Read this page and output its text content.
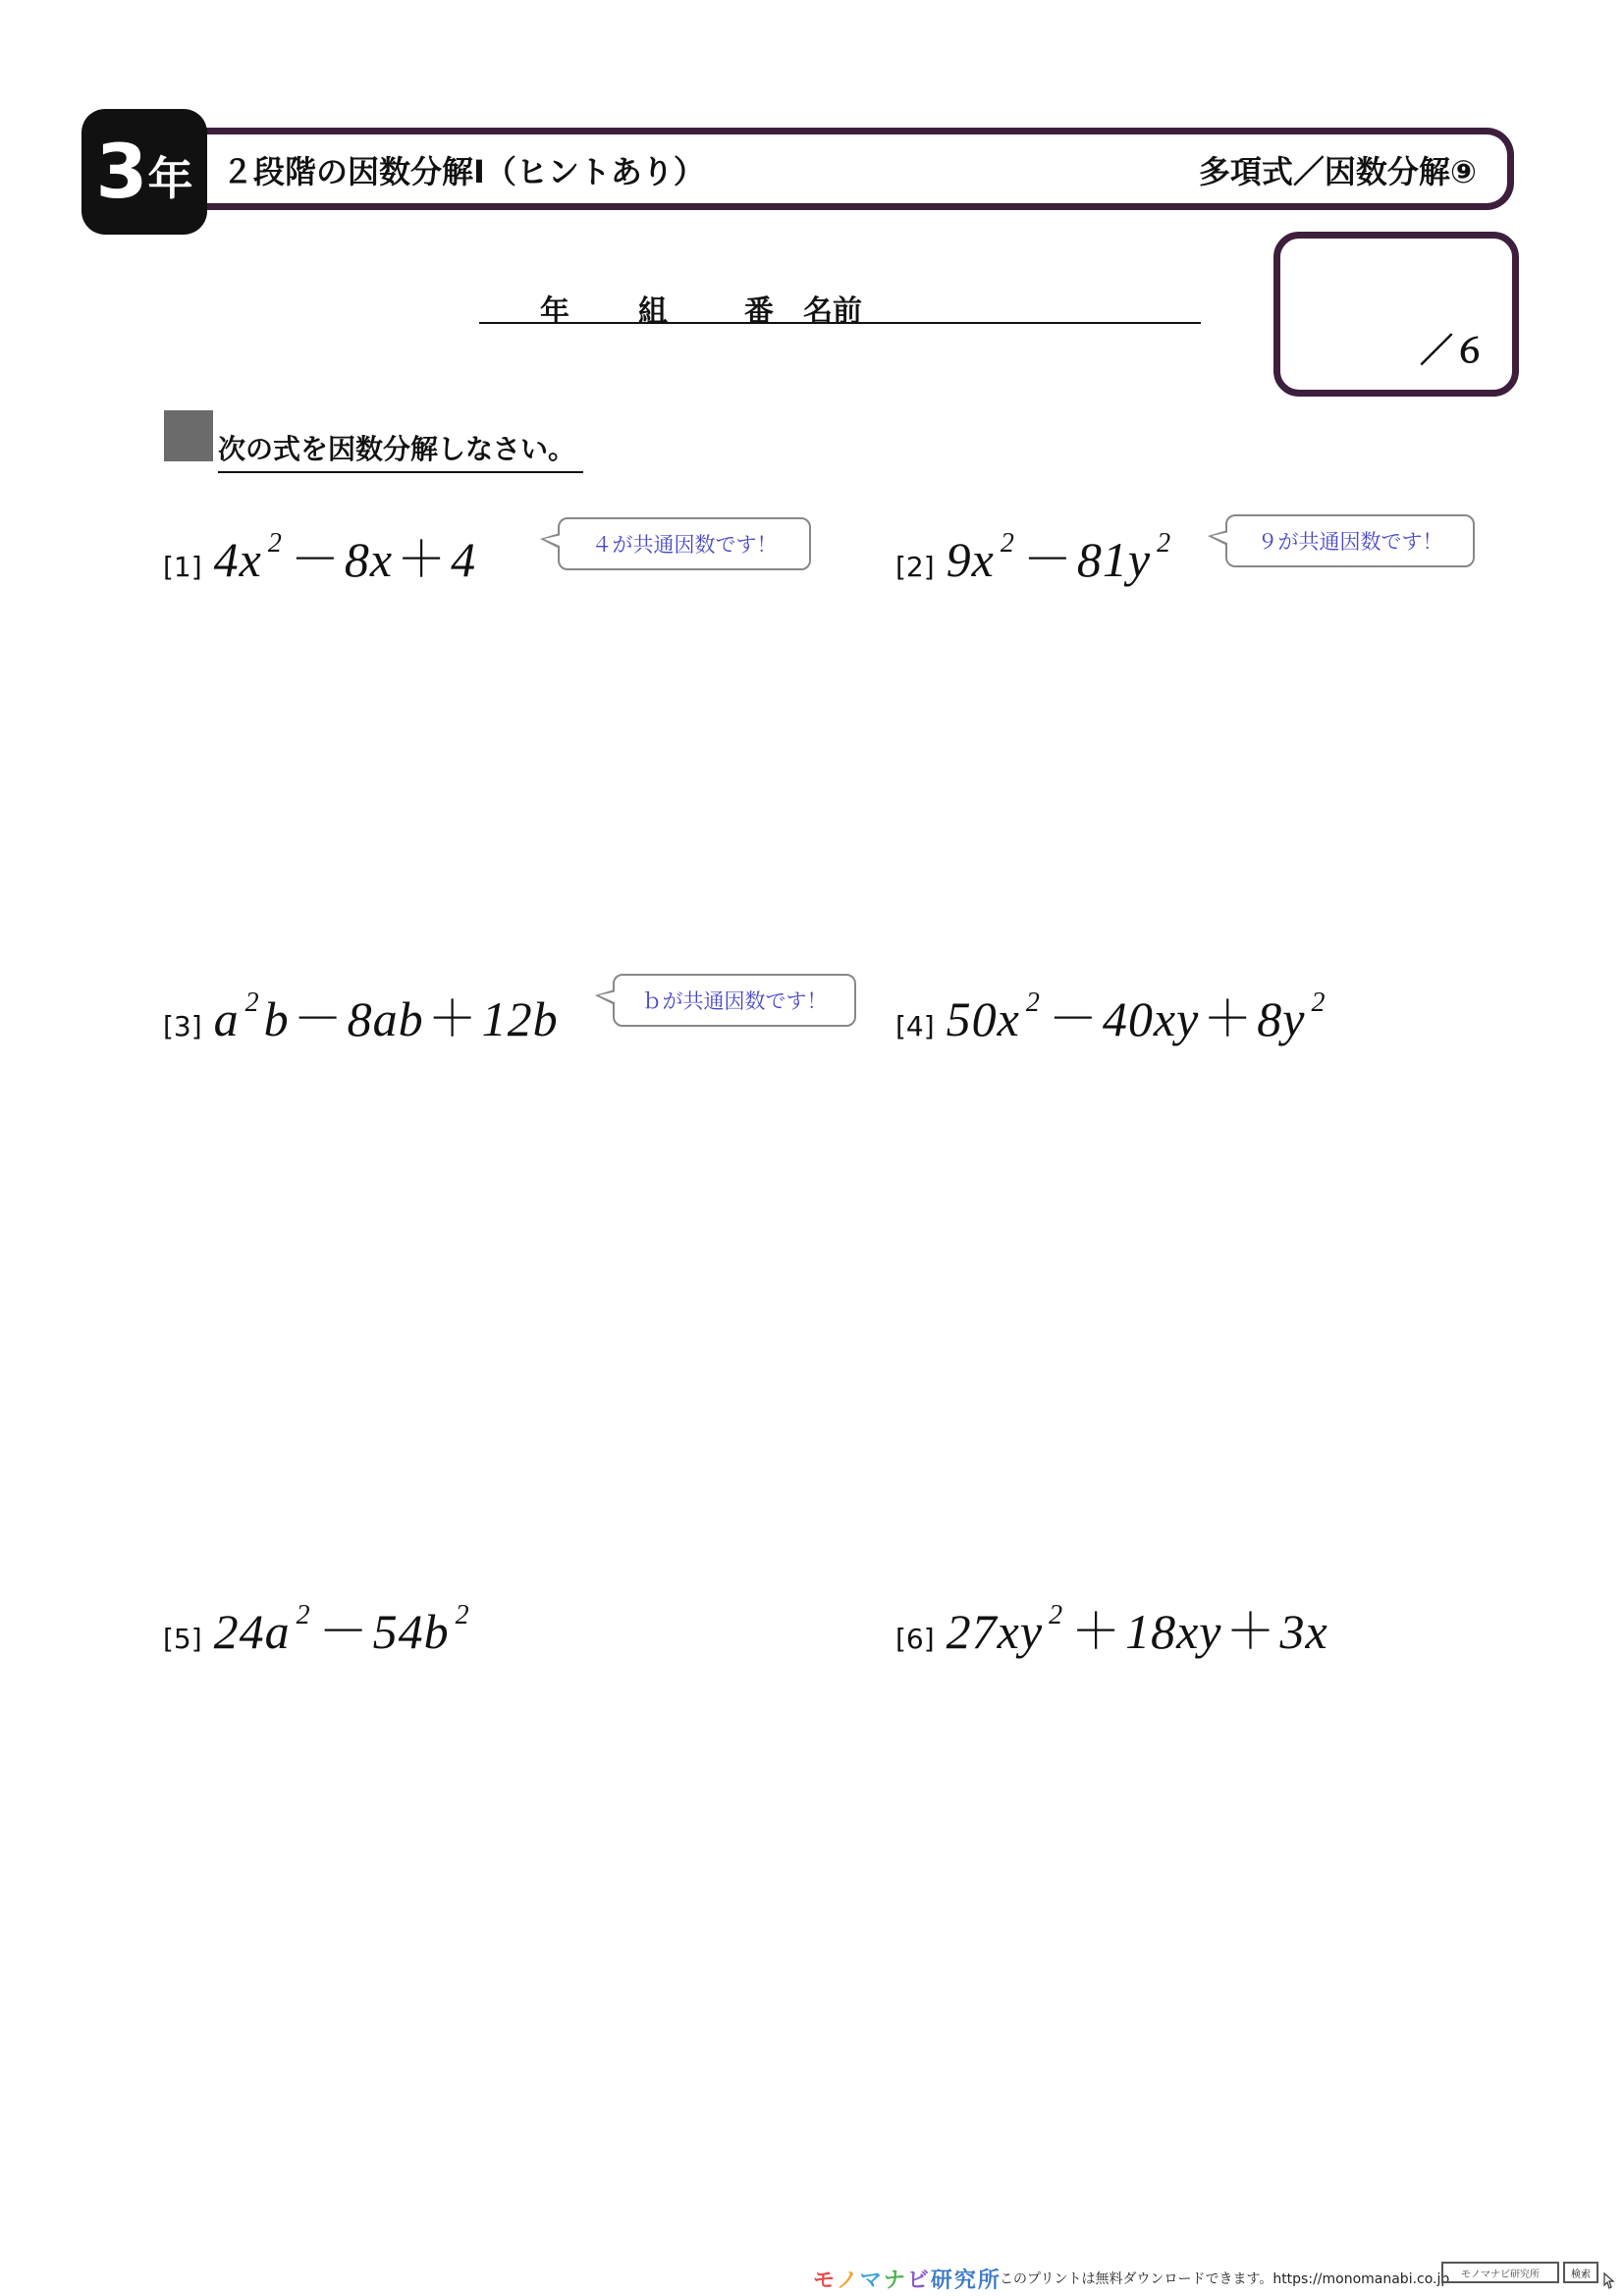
3 年 ２段階の因数分解Ⅰ（ヒントあり）	多項式／因数分解⑨
年 組	番 名前
／６
次の式を因数分解しなさい。
[1] 4x $^2$ －8x＋4	４が共通因数です！
[2] 9x $^2$ －81y $^2$	９が共通因数です！
[3] a $^2$b－8ab＋12b	ｂが共通因数です！
[4] 50x $^2$ －40xy＋8y $^2$
[5] 24a $^2$ －54b $^2$
[6] 27xy $^2$ ＋18xy＋3x
モノマナビ研究所
このプリントは無料ダウンロードできます。https://monomanabi.co.jp	モノマナビ研究所	検索
